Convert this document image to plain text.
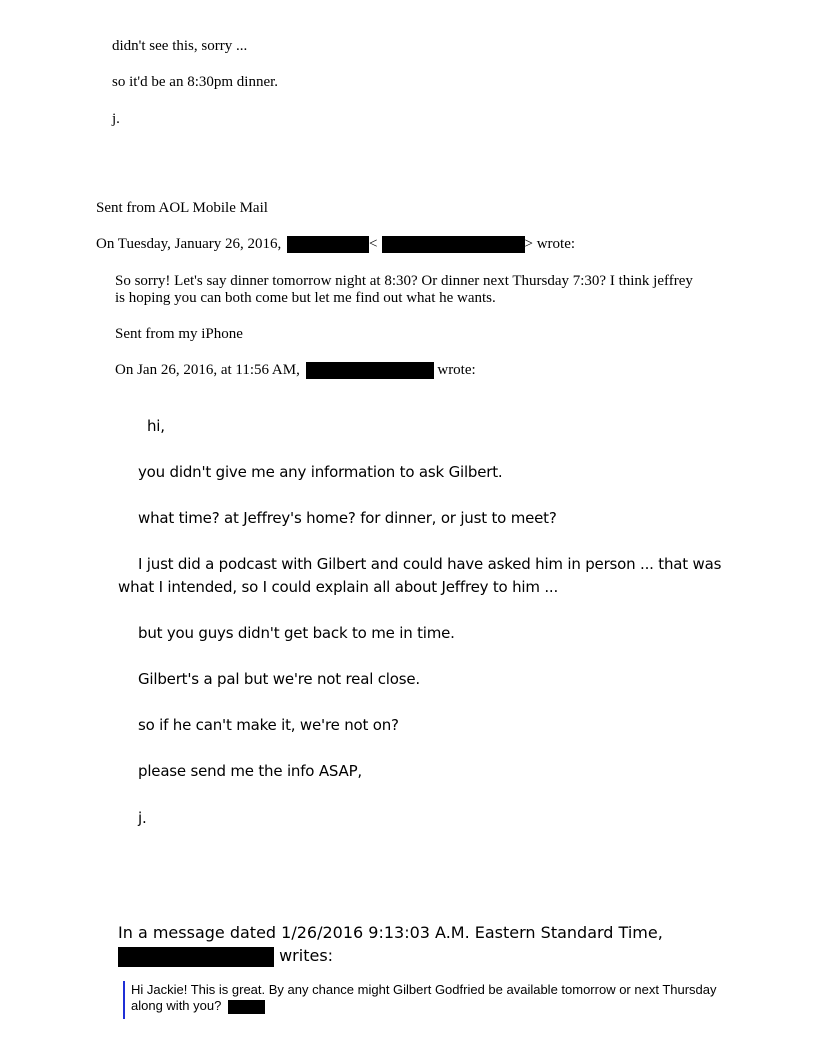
didn't see this, sorry ...
so it'd be an 8:30pm dinner.
j.
Sent from AOL Mobile Mail
On Tuesday, January 26, 2016,	<	> wrote:
So sorry! Let's say dinner tomorrow night at 8:30? Or dinner next Thursday 7:30? I think jeffrey
is hoping you can both come but let me find out what he wants.
Sent from my iPhone
On Jan 26, 2016, at 11:56 AM,	wrote:
hi,
you didn't give me any information to ask Gilbert.
what time? at Jeffrey's home? for dinner, or just to meet?
I just did a podcast with Gilbert and could have asked him in person ... that was
what I intended, so I could explain all about Jeffrey to him ...
but you guys didn't get back to me in time.
Gilbert's a pal but we're not real close.
so if he can't make it, we're not on?
please send me the info ASAP,
j.
In a message dated 1/26/2016 9:13:03 A.M. Eastern Standard Time,
writes:
Hi Jackie! This is great. By any chance might Gilbert Godfried be available tomorrow or next Thursday
along with you?
